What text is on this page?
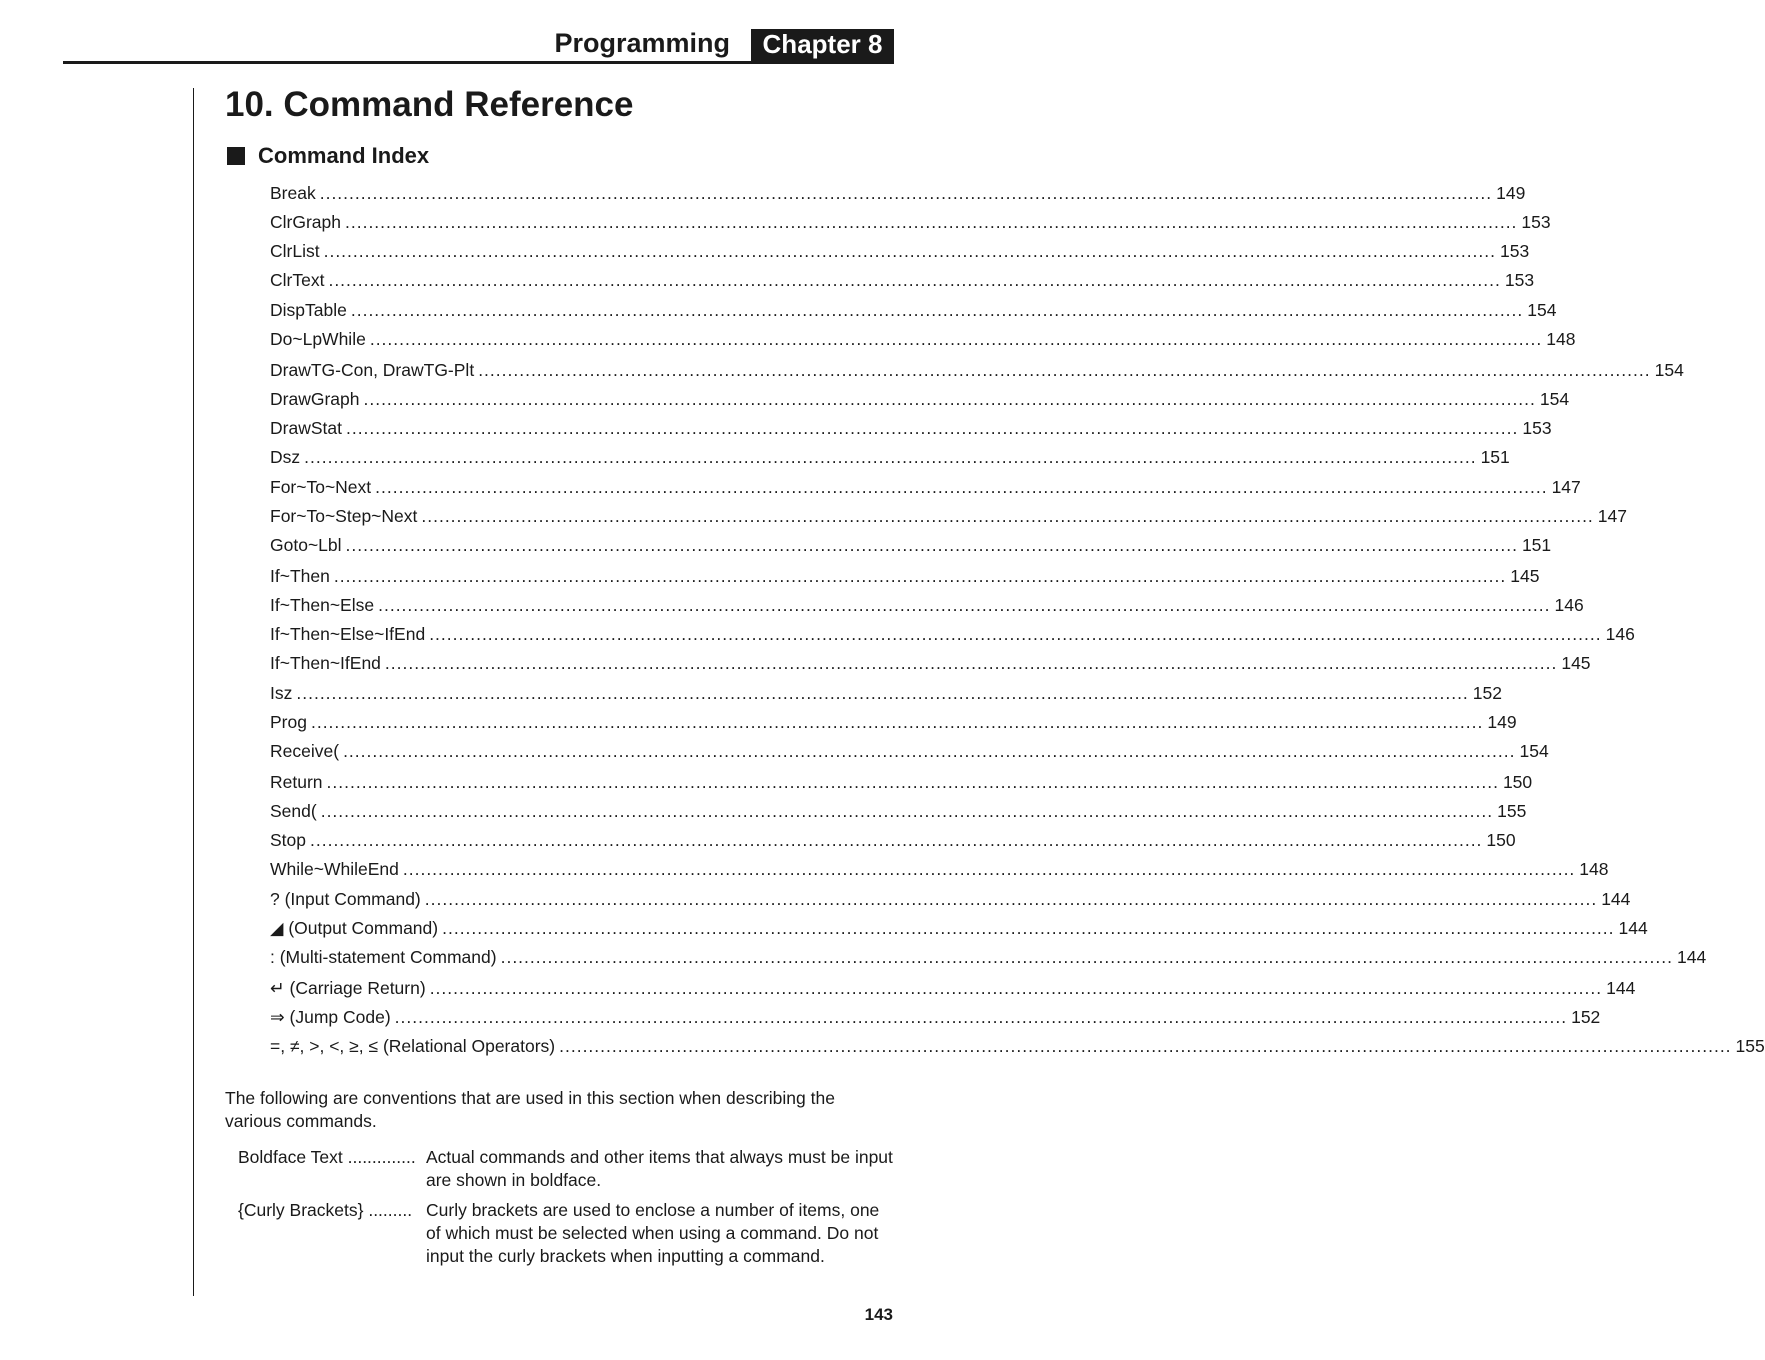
Programming	Chapter 8
10. Command Reference
Command Index
Break ........................................................................................................................................................................................................ 149
ClrGraph ........................................................................................................................................................................................................ 153
ClrList ........................................................................................................................................................................................................ 153
ClrText ........................................................................................................................................................................................................ 153
DispTable ........................................................................................................................................................................................................ 154
Do~LpWhile ........................................................................................................................................................................................................ 148
DrawTG-Con, DrawTG-Plt ........................................................................................................................................................................................................ 154
DrawGraph ........................................................................................................................................................................................................ 154
DrawStat ........................................................................................................................................................................................................ 153
Dsz ........................................................................................................................................................................................................ 151
For~To~Next ........................................................................................................................................................................................................ 147
For~To~Step~Next ........................................................................................................................................................................................................ 147
Goto~Lbl ........................................................................................................................................................................................................ 151
If~Then ........................................................................................................................................................................................................ 145
If~Then~Else ........................................................................................................................................................................................................ 146
If~Then~Else~IfEnd ........................................................................................................................................................................................................ 146
If~Then~IfEnd ........................................................................................................................................................................................................ 145
Isz ........................................................................................................................................................................................................ 152
Prog ........................................................................................................................................................................................................ 149
Receive( ........................................................................................................................................................................................................ 154
Return ........................................................................................................................................................................................................ 150
Send( ........................................................................................................................................................................................................ 155
Stop ........................................................................................................................................................................................................ 150
While~WhileEnd ........................................................................................................................................................................................................ 148
? (Input Command) ........................................................................................................................................................................................................ 144
◢ (Output Command) ........................................................................................................................................................................................................ 144
: (Multi-statement Command) ........................................................................................................................................................................................................ 144
↵ (Carriage Return) ........................................................................................................................................................................................................ 144
⇒ (Jump Code) ........................................................................................................................................................................................................ 152
=, ≠, >, <, ≥, ≤ (Relational Operators) ........................................................................................................................................................................................................ 155

The following are conventions that are used in this section when describing the various commands.

Boldface Text .............. Actual commands and other items that always must be input are shown in boldface.
{Curly Brackets} ......... Curly brackets are used to enclose a number of items, one of which must be selected when using a command. Do not input the curly brackets when inputting a command.
143
